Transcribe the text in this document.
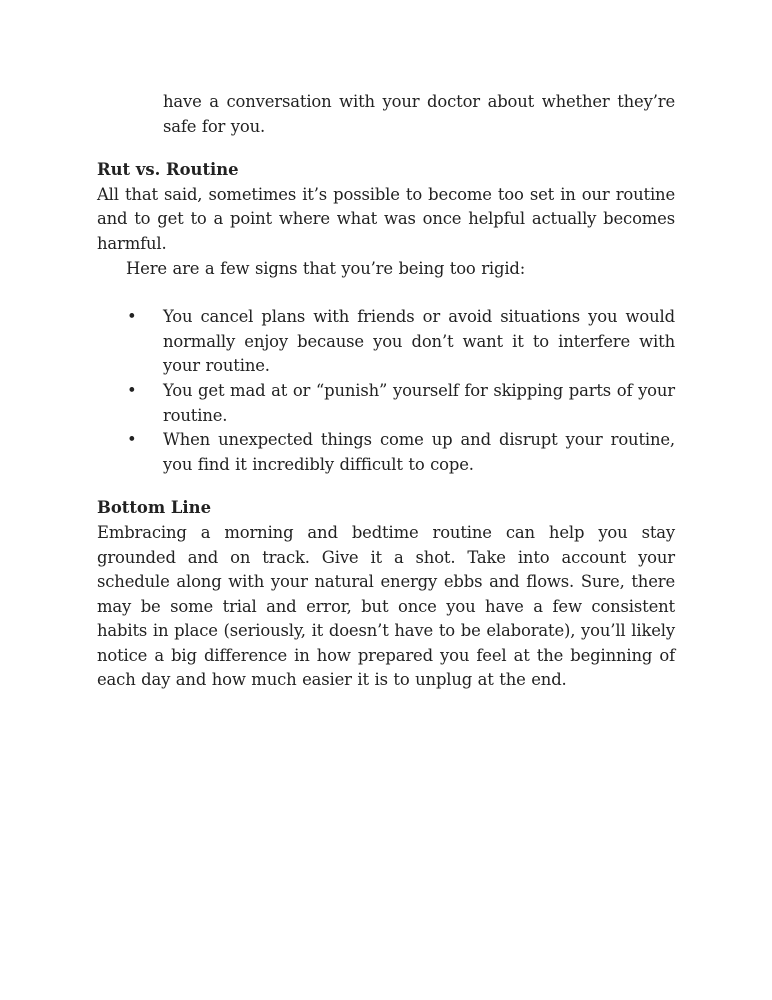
have a conversation with your doctor about whether they’re safe for you.

Rut vs. Routine

All that said, sometimes it’s possible to become too set in our routine and to get to a point where what was once helpful actually becomes harmful.

Here are a few signs that you’re being too rigid:

• You cancel plans with friends or avoid situations you would normally enjoy because you don’t want it to interfere with your routine.

• You get mad at or “punish” yourself for skipping parts of your routine.

• When unexpected things come up and disrupt your routine, you find it incredibly difficult to cope.

Bottom Line

Embracing a morning and bedtime routine can help you stay grounded and on track. Give it a shot. Take into account your schedule along with your natural energy ebbs and flows. Sure, there may be some trial and error, but once you have a few consistent habits in place (seriously, it doesn’t have to be elaborate), you’ll likely notice a big difference in how prepared you feel at the beginning of each day and how much easier it is to unplug at the end.
